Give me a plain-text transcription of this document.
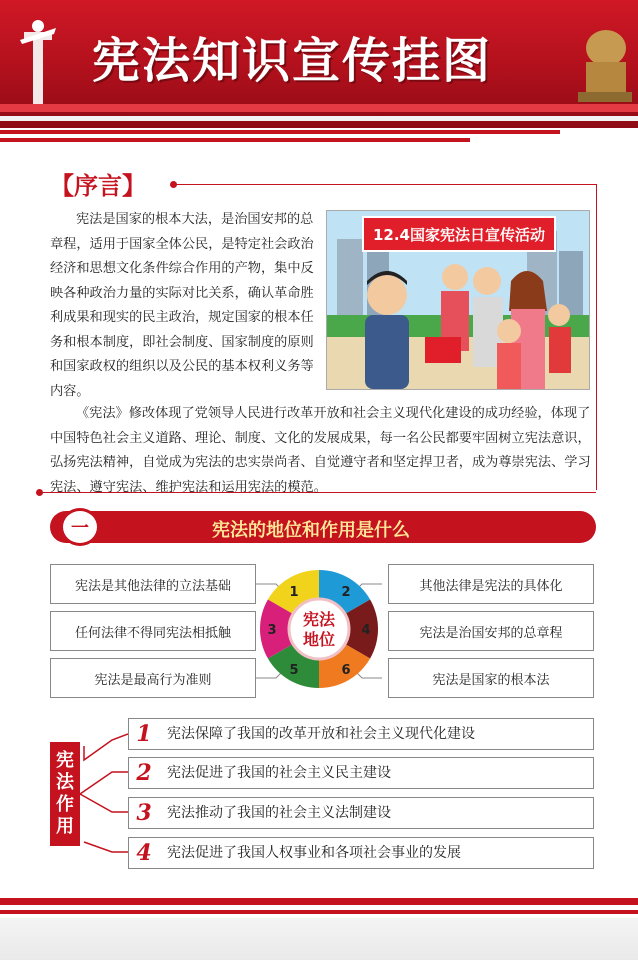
宪法知识宣传挂图
【序言】
宪法是国家的根本大法，是治国安邦的总章程，适用于国家全体公民，是特定社会政治经济和思想文化条件综合作用的产物，集中反映各种政治力量的实际对比关系，确认革命胜利成果和现实的民主政治，规定国家的根本任务和根本制度，即社会制度、国家制度的原则和国家政权的组织以及公民的基本权利义务等内容。
12.4国家宪法日宣传活动
《宪法》修改体现了党领导人民进行改革开放和社会主义现代化建设的成功经验，体现了中国特色社会主义道路、理论、制度、文化的发展成果，每一名公民都要牢固树立宪法意识，弘扬宪法精神，自觉成为宪法的忠实崇尚者、自觉遵守者和坚定捍卫者，成为尊崇宪法、学习宪法、遵守宪法、维护宪法和运用宪法的模范。
一	宪法的地位和作用是什么
宪法是其他法律的立法基础
任何法律不得同宪法相抵触
宪法是最高行为准则
其他法律是宪法的具体化
宪法是治国安邦的总章程
宪法是国家的根本法
宪法
地位
1	2
3	4
5	6
宪
法
作
用
1	宪法保障了我国的改革开放和社会主义现代化建设
2	宪法促进了我国的社会主义民主建设
3	宪法推动了我国的社会主义法制建设
4	宪法促进了我国人权事业和各项社会事业的发展
